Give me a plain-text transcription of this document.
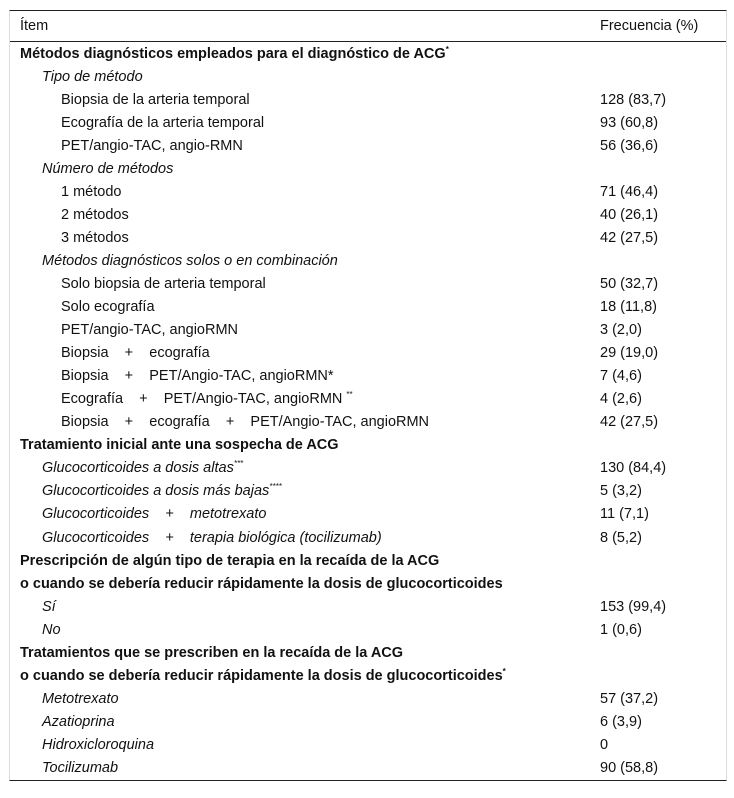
Ítem	Frecuencia (%)
Métodos diagnósticos empleados para el diagnóstico de ACG*
Tipo de método
Biopsia de la arteria temporal	128 (83,7)
Ecografía de la arteria temporal	93 (60,8)
PET/angio-TAC, angio-RMN	56 (36,6)
Número de métodos
1 método	71 (46,4)
2 métodos	40 (26,1)
3 métodos	42 (27,5)
Métodos diagnósticos solos o en combinación
Solo biopsia de arteria temporal	50 (32,7)
Solo ecografía	18 (11,8)
PET/angio-TAC, angioRMN	3 (2,0)
Biopsia    +    ecografía	29 (19,0)
Biopsia    +    PET/Angio-TAC, angioRMN*	7 (4,6)
Ecografía    +    PET/Angio-TAC, angioRMN **	4 (2,6)
Biopsia    +    ecografía    +    PET/Angio-TAC, angioRMN	42 (27,5)
Tratamiento inicial ante una sospecha de ACG
Glucocorticoides a dosis altas***	130 (84,4)
Glucocorticoides a dosis más bajas****	5 (3,2)
Glucocorticoides    +    metotrexato	11 (7,1)
Glucocorticoides    +    terapia biológica (tocilizumab)	8 (5,2)
Prescripción de algún tipo de terapia en la recaída de la ACG
o cuando se debería reducir rápidamente la dosis de glucocorticoides
Sí	153 (99,4)
No	1 (0,6)
Tratamientos que se prescriben en la recaída de la ACG
o cuando se debería reducir rápidamente la dosis de glucocorticoides*
Metotrexato	57 (37,2)
Azatioprina	6 (3,9)
Hidroxicloroquina	0
Tocilizumab	90 (58,8)
